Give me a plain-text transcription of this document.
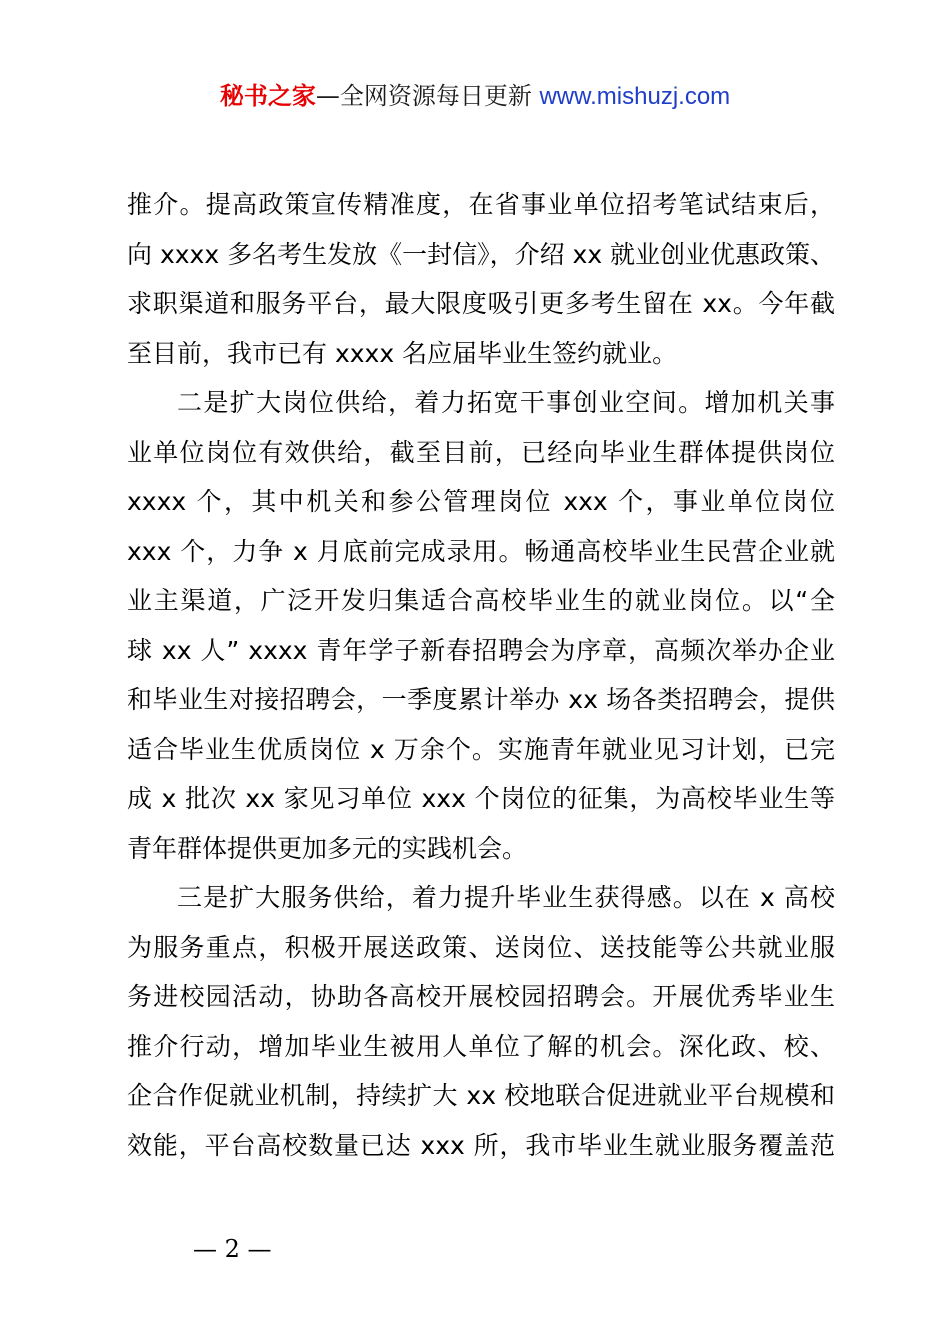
秘书之家—全网资源每日更新 www.mishuzj.com
推介。提高政策宣传精准度，在省事业单位招考笔试结束后，
向 xxxx 多名考生发放《一封信》，介绍 xx 就业创业优惠政策、
求职渠道和服务平台，最大限度吸引更多考生留在 xx。今年截
至目前，我市已有 xxxx 名应届毕业生签约就业。
二是扩大岗位供给，着力拓宽干事创业空间。增加机关事
业单位岗位有效供给，截至目前，已经向毕业生群体提供岗位
xxxx 个，其中机关和参公管理岗位 xxx 个，事业单位岗位
xxx 个，力争 x 月底前完成录用。畅通高校毕业生民营企业就
业主渠道，广泛开发归集适合高校毕业生的就业岗位。以“全
球 xx 人” xxxx 青年学子新春招聘会为序章，高频次举办企业
和毕业生对接招聘会，一季度累计举办 xx 场各类招聘会，提供
适合毕业生优质岗位 x 万余个。实施青年就业见习计划，已完
成 x 批次 xx 家见习单位 xxx 个岗位的征集，为高校毕业生等
青年群体提供更加多元的实践机会。
三是扩大服务供给，着力提升毕业生获得感。以在 x 高校
为服务重点，积极开展送政策、送岗位、送技能等公共就业服
务进校园活动，协助各高校开展校园招聘会。开展优秀毕业生
推介行动，增加毕业生被用人单位了解的机会。深化政、校、
企合作促就业机制，持续扩大 xx 校地联合促进就业平台规模和
效能，平台高校数量已达 xxx 所，我市毕业生就业服务覆盖范
— 2 —
